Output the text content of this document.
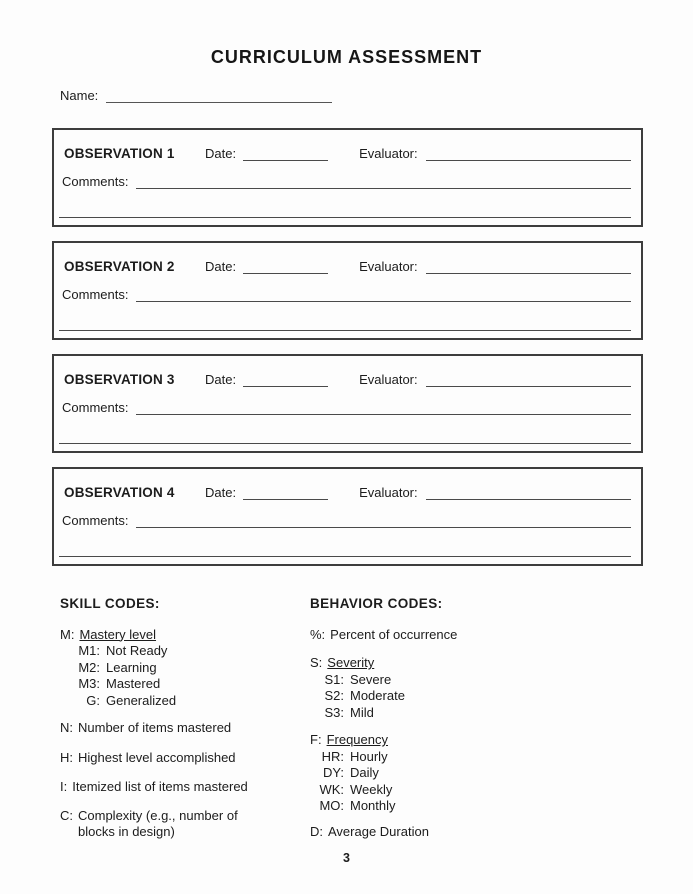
CURRICULUM ASSESSMENT
Name:
OBSERVATION 1	Date:	Evaluator:
Comments:
OBSERVATION 2	Date:	Evaluator:
Comments:
OBSERVATION 3	Date:	Evaluator:
Comments:
OBSERVATION 4	Date:	Evaluator:
Comments:
SKILL CODES:
M: Mastery level
M1: Not Ready
M2: Learning
M3: Mastered
G: Generalized
N: Number of items mastered
H: Highest level accomplished
I: Itemized list of items mastered
C: Complexity (e.g., number of blocks in design)
BEHAVIOR CODES:
%: Percent of occurrence
S: Severity
S1: Severe
S2: Moderate
S3: Mild
F: Frequency
HR: Hourly
DY: Daily
WK: Weekly
MO: Monthly
D: Average Duration
3
